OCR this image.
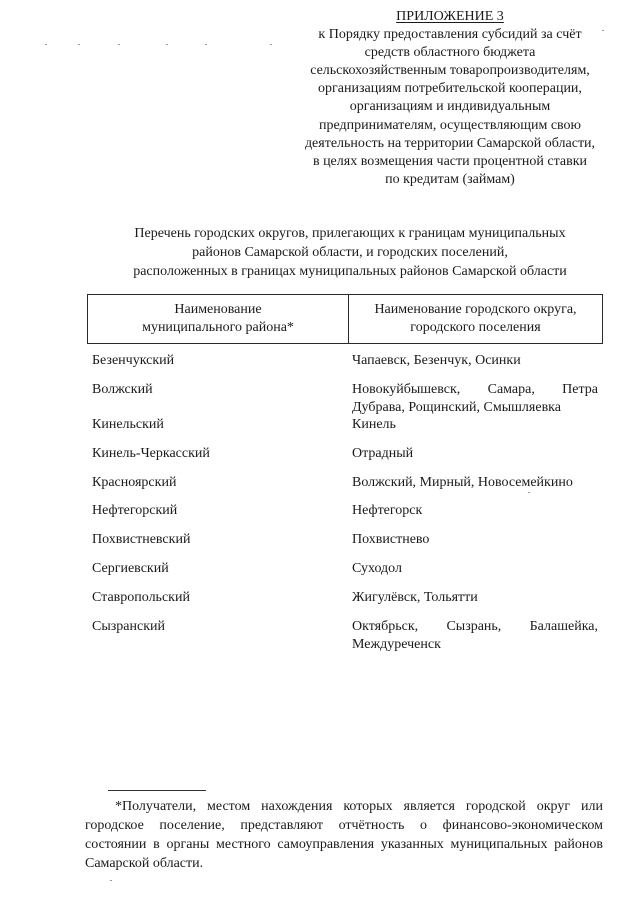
ПРИЛОЖЕНИЕ 3
к Порядку предоставления субсидий за счёт
средств областного бюджета
сельскохозяйственным товаропроизводителям,
организациям потребительской кооперации,
организациям и индивидуальным
предпринимателям, осуществляющим свою
деятельность на территории Самарской области,
в целях возмещения части процентной ставки
по кредитам (займам)
Перечень городских округов, прилегающих к границам муниципальных
районов Самарской области, и городских поселений,
расположенных в границах муниципальных районов Самарской области
Наименование
муниципального района*
Наименование городского округа,
городского поселения
Безенчукский	Чапаевск, Безенчук, Осинки
Волжский	Новокуйбышевск, Самара, Петра
Дубрава, Рощинский, Смышляевка
Кинельский	Кинель
Кинель-Черкасский	Отрадный
Красноярский	Волжский, Мирный, Новосемейкино
Нефтегорский	Нефтегорск
Похвистневский	Похвистнево
Сергиевский	Суходол
Ставропольский	Жигулёвск, Тольятти
Сызранский	Октябрьск, Сызрань, Балашейка,
Междуреченск
*Получатели, местом нахождения которых является городской округ или городское поселение, представляют отчётность о финансово-экономическом состоянии в органы местного самоуправления указанных муниципальных районов Самарской области.
